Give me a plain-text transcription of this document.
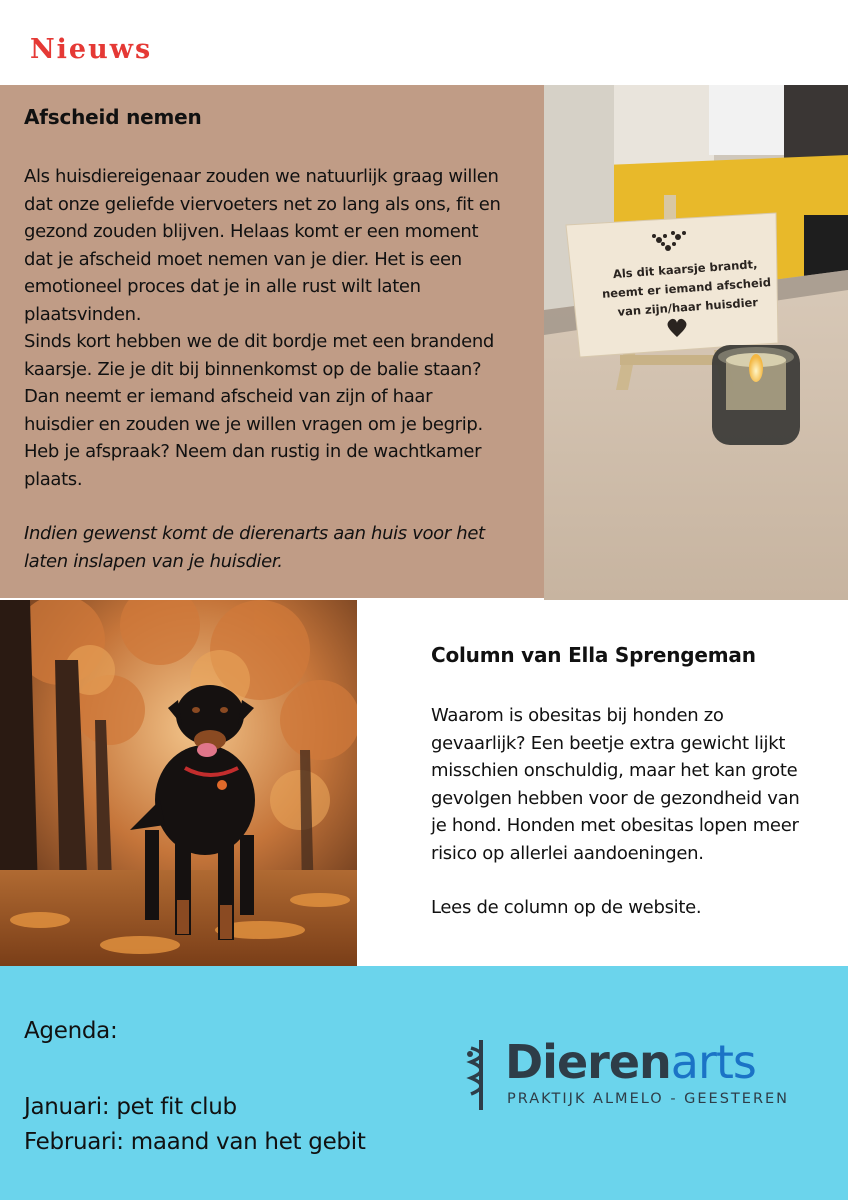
Nieuws
Afscheid nemen

Als huisdiereigenaar zouden we natuurlijk graag willen
dat onze geliefde viervoeters net zo lang als ons, fit en
gezond zouden blijven. Helaas komt er een moment
dat je afscheid moet nemen van je dier. Het is een
emotioneel proces dat je in alle rust wilt laten
plaatsvinden.
Sinds kort hebben we de dit bordje met een brandend
kaarsje. Zie je dit bij binnenkomst op de balie staan?
Dan neemt er iemand afscheid van zijn of haar
huisdier en zouden we je willen vragen om je begrip.
Heb je afspraak? Neem dan rustig in de wachtkamer
plaats.

Indien gewenst komt de dierenarts aan huis voor het
laten inslapen van je huisdier.

Als dit kaarsje brandt,
neemt er iemand afscheid
van zijn/haar huisdier
Column van Ella Sprengeman

Waarom is obesitas bij honden zo
gevaarlijk? Een beetje extra gewicht lijkt
misschien onschuldig, maar het kan grote
gevolgen hebben voor de gezondheid van
je hond. Honden met obesitas lopen meer
risico op allerlei aandoeningen.

Lees de column op de website.

Agenda:
Januari: pet fit club
Februari: maand van het gebit
Dierenarts
PRAKTIJK ALMELO - GEESTEREN
